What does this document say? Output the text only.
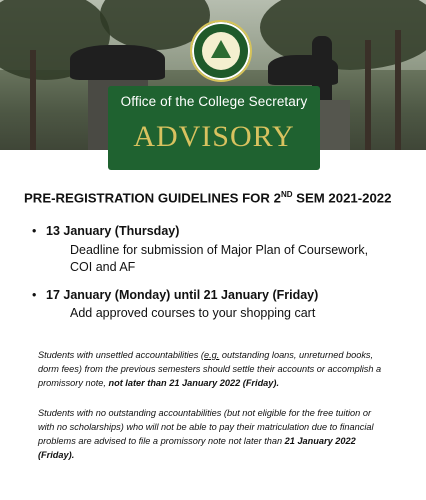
Office of the College Secretary
ADVISORY
PRE-REGISTRATION GUIDELINES FOR 2ND SEM 2021-2022
• 13 January (Thursday)
Deadline for submission of Major Plan of Coursework,
COI and AF
• 17 January (Monday) until 21 January (Friday)
Add approved courses to your shopping cart
Students with unsettled accountabilities (e.g. outstanding loans, unreturned books,
dorm fees) from the previous semesters should settle their accounts or accomplish a
promissory note, not later than 21 January 2022 (Friday).
Students with no outstanding accountabilities (but not eligible for the free tuition or
with no scholarships) who will not be able to pay their matriculation due to financial
problems are advised to file a promissory note not later than 21 January 2022
(Friday).
